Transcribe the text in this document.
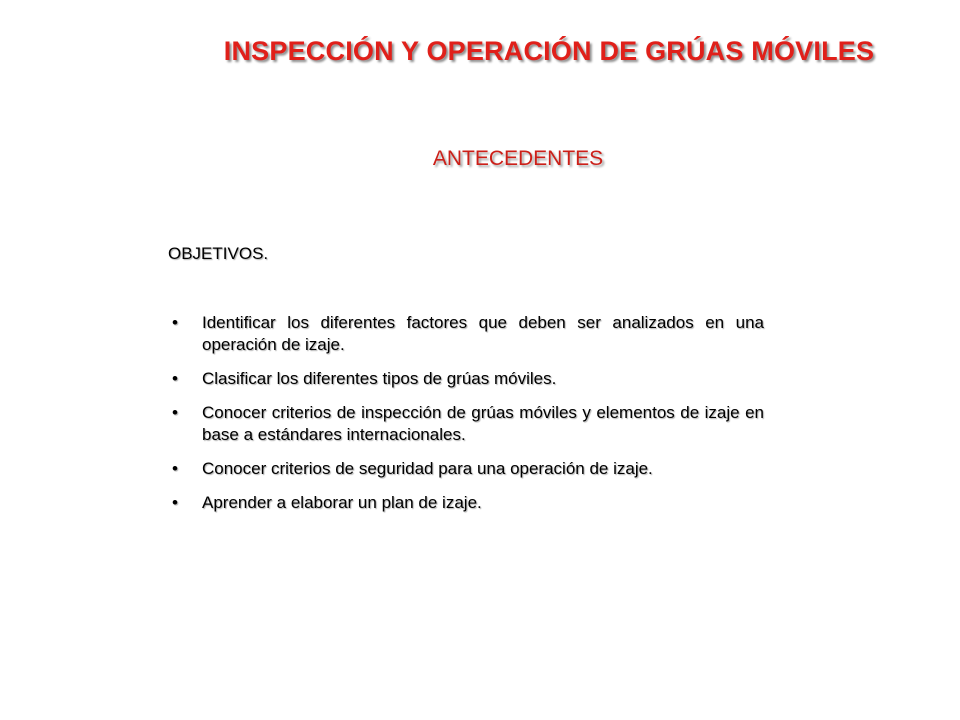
INSPECCIÓN Y OPERACIÓN DE GRÚAS MÓVILES
ANTECEDENTES
OBJETIVOS.
• Identificar los diferentes factores que deben ser analizados en una operación de izaje.
• Clasificar los diferentes tipos de grúas móviles.
• Conocer criterios de inspección de grúas móviles y elementos de izaje en base a estándares internacionales.
• Conocer criterios de seguridad para una operación de izaje.
• Aprender a elaborar un plan de izaje.
